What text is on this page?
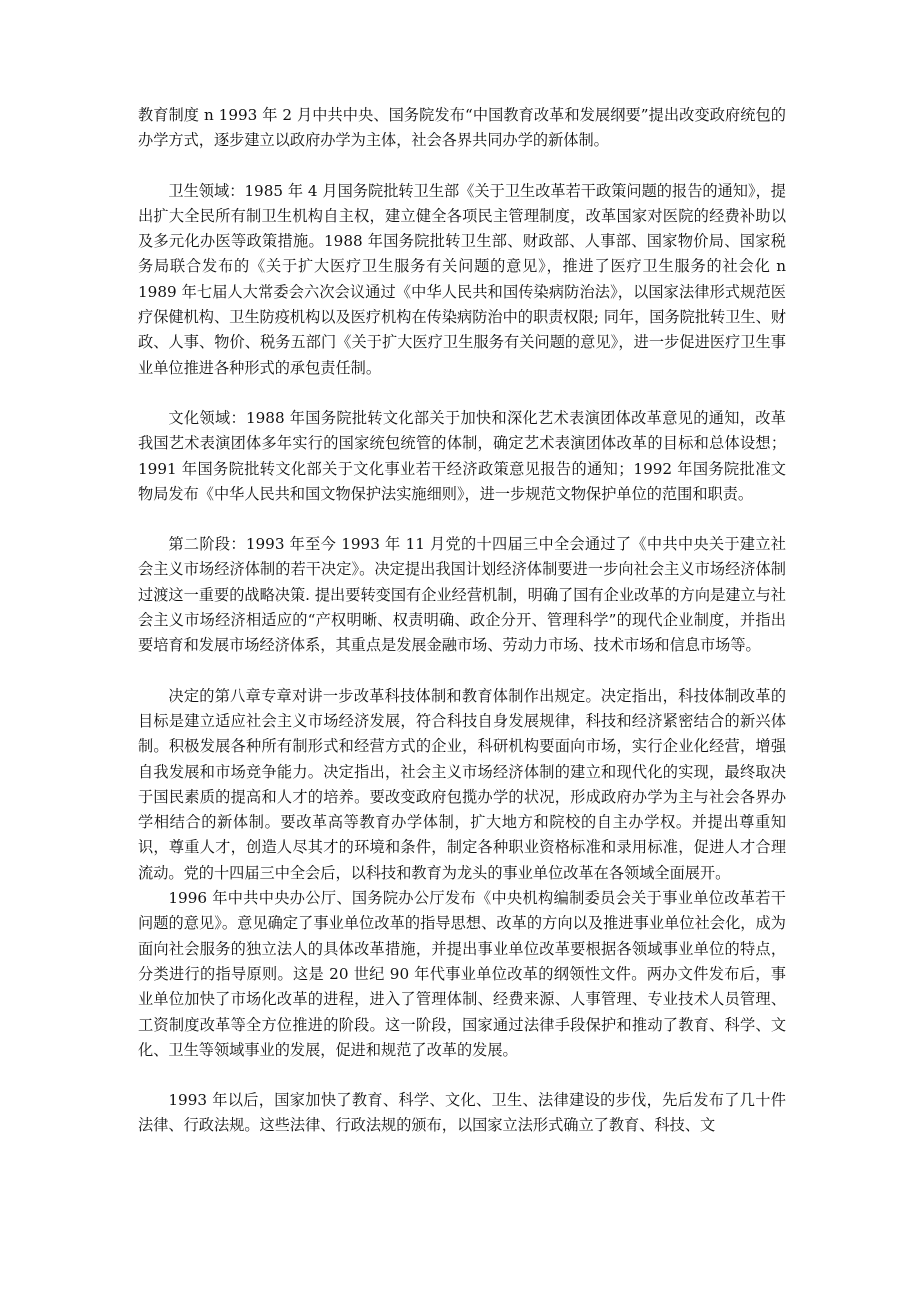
教育制度 n 1993 年 2 月中共中央、国务院发布“中国教育改革和发展纲要”提出改变政府统包的办学方式，逐步建立以政府办学为主体，社会各界共同办学的新体制。

卫生领域：1985 年 4 月国务院批转卫生部《关于卫生改革若干政策问题的报告的通知》，提出扩大全民所有制卫生机构自主权，建立健全各项民主管理制度，改革国家对医院的经费补助以及多元化办医等政策措施。1988 年国务院批转卫生部、财政部、人事部、国家物价局、国家税务局联合发布的《关于扩大医疗卫生服务有关问题的意见》，推进了医疗卫生服务的社会化 n 1989 年七届人大常委会六次会议通过《中华人民共和国传染病防治法》，以国家法律形式规范医疗保健机构、卫生防疫机构以及医疗机构在传染病防治中的职责权限; 同年，国务院批转卫生、财政、人事、物价、税务五部门《关于扩大医疗卫生服务有关问题的意见》，进一步促进医疗卫生事业单位推进各种形式的承包责任制。

文化领域：1988 年国务院批转文化部关于加快和深化艺术表演团体改革意见的通知，改革我国艺术表演团体多年实行的国家统包统管的体制，确定艺术表演团体改革的目标和总体设想；1991 年国务院批转文化部关于文化事业若干经济政策意见报告的通知；1992 年国务院批准文物局发布《中华人民共和国文物保护法实施细则》，进一步规范文物保护单位的范围和职责。

第二阶段：1993 年至今 1993 年 11 月党的十四届三中全会通过了《中共中央关于建立社会主义市场经济体制的若干决定》。决定提出我国计划经济体制要进一步向社会主义市场经济体制过渡这一重要的战略决策. 提出要转变国有企业经营机制，明确了国有企业改革的方向是建立与社会主义市场经济相适应的“产权明晰、权责明确、政企分开、管理科学”的现代企业制度，并指出要培育和发展市场经济体系，其重点是发展金融市场、劳动力市场、技术市场和信息市场等。

决定的第八章专章对讲一步改革科技体制和教育体制作出规定。决定指出，科技体制改革的目标是建立适应社会主义市场经济发展，符合科技自身发展规律，科技和经济紧密结合的新兴体制。积极发展各种所有制形式和经营方式的企业，科研机构要面向市场，实行企业化经营，增强自我发展和市场竞争能力。决定指出，社会主义市场经济体制的建立和现代化的实现，最终取决于国民素质的提高和人才的培养。要改变政府包揽办学的状况，形成政府办学为主与社会各界办学相结合的新体制。要改革高等教育办学体制，扩大地方和院校的自主办学权。并提出尊重知识，尊重人才，创造人尽其才的环境和条件，制定各种职业资格标准和录用标准，促进人才合理流动。党的十四届三中全会后，以科技和教育为龙头的事业单位改革在各领域全面展开。

1996 年中共中央办公厅、国务院办公厅发布《中央机构编制委员会关于事业单位改革若干问题的意见》。意见确定了事业单位改革的指导思想、改革的方向以及推进事业单位社会化，成为面向社会服务的独立法人的具体改革措施，并提出事业单位改革要根据各领域事业单位的特点，分类进行的指导原则。这是 20 世纪 90 年代事业单位改革的纲领性文件。两办文件发布后，事业单位加快了市场化改革的进程，进入了管理体制、经费来源、人事管理、专业技术人员管理、工资制度改革等全方位推进的阶段。这一阶段，国家通过法律手段保护和推动了教育、科学、文化、卫生等领域事业的发展，促进和规范了改革的发展。

1993 年以后，国家加快了教育、科学、文化、卫生、法律建设的步伐，先后发布了几十件法律、行政法规。这些法律、行政法规的颁布，以国家立法形式确立了教育、科技、文
